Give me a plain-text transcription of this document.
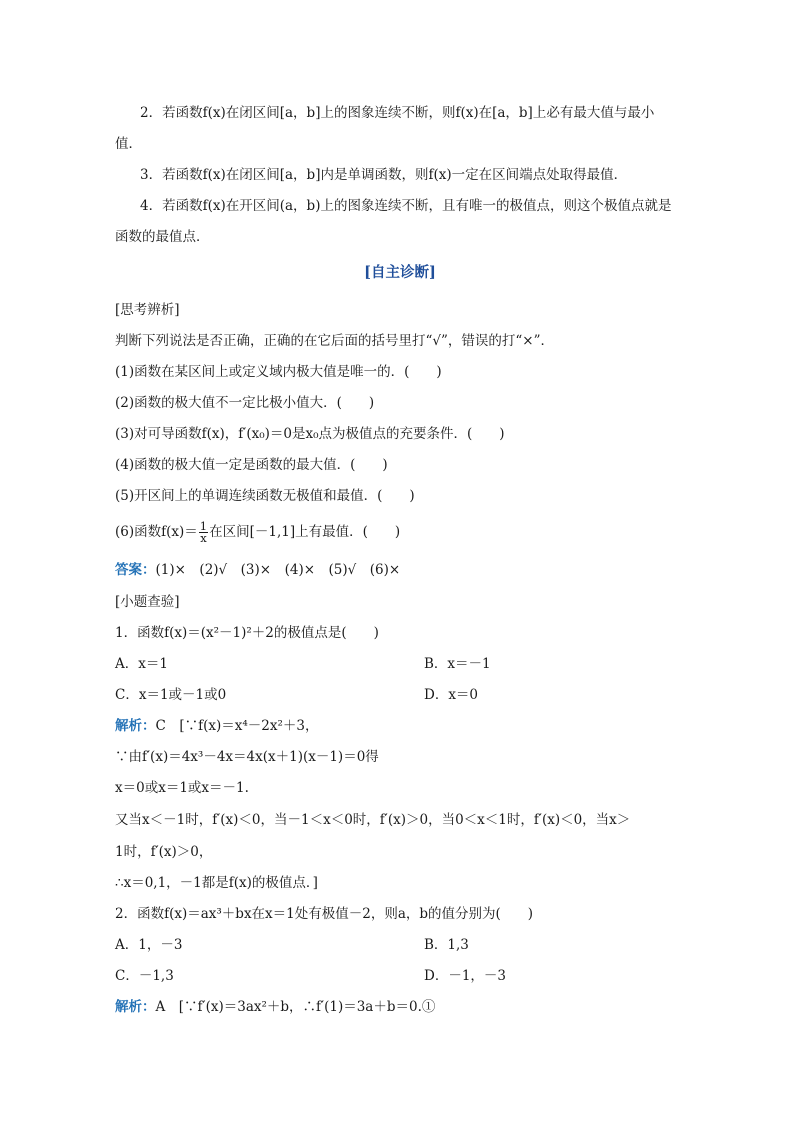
2．若函数f(x)在闭区间[a，b]上的图象连续不断，则f(x)在[a，b]上必有最大值与最小
值．
3．若函数f(x)在闭区间[a，b]内是单调函数，则f(x)一定在区间端点处取得最值．
4．若函数f(x)在开区间(a，b)上的图象连续不断，且有唯一的极值点，则这个极值点就是
函数的最值点．
[自主诊断]
[思考辨析]
判断下列说法是否正确，正确的在它后面的括号里打“√”，错误的打“×”．
(1)函数在某区间上或定义域内极大值是唯一的．(　　)
(2)函数的极大值不一定比极小值大．(　　)
(3)对可导函数f(x)，f′(x₀)＝0是x₀点为极值点的充要条件．(　　)
(4)函数的极大值一定是函数的最大值．(　　)
(5)开区间上的单调连续函数无极值和最值．(　　)
(6)函数$f(x)= \frac{1}{x}$ 在区间[－1,1]上有最值．(　　)
答案：(1)×　(2)√　(3)×　(4)×　(5)√　(6)×
[小题查验]
1．函数f(x)＝(x²－1)²＋2的极值点是(　　)
A．x＝1	B．x＝－1
C．x＝1或－1或0	D．x＝0
解析：C　[∵f(x)＝x⁴－2x²＋3，
∵由f′(x)＝4x³－4x＝4x(x＋1)(x－1)＝0得
x＝0或x＝1或x＝－1.
又当x＜－1时，f′(x)＜0，当－1＜x＜0时，f′(x)＞0，当0＜x＜1时，f′(x)＜0，当x＞
1时，f′(x)＞0，
∴x＝0,1，－1都是f(x)的极值点．]
2．函数f(x)＝ax³＋bx在x＝1处有极值－2，则a，b的值分别为(　　)
A．1，－3	B．1,3
C．－1,3	D．－1，－3
解析：A　[∵f′(x)＝3ax²＋b，∴f′(1)＝3a＋b＝0.①
